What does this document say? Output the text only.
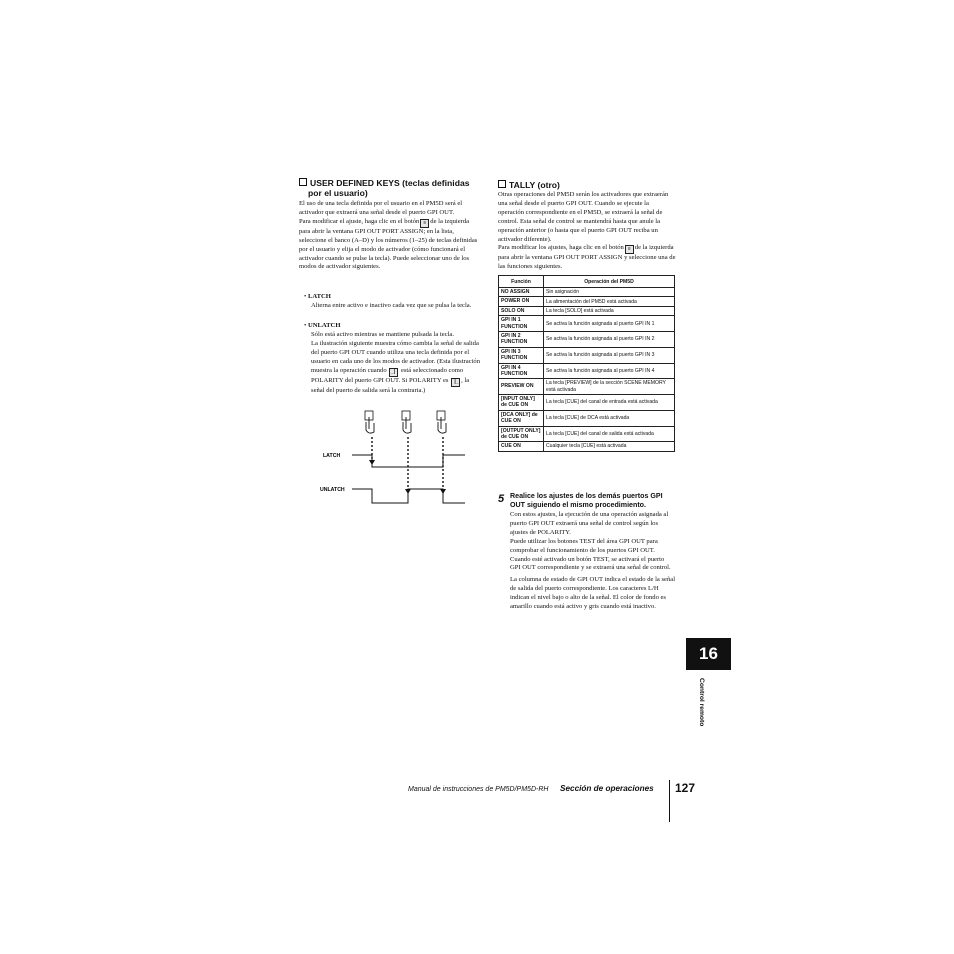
USER DEFINED KEYS (teclas definidas
por el usuario)
El uso de una tecla definida por el usuario en el PM5D será el activador que extraerá una señal desde el puerto GPI OUT.
Para modificar el ajuste, haga clic en el botón ≡ de la izquierda para abrir la ventana GPI OUT PORT ASSIGN; en la lista, seleccione el banco (A–D) y los números (1–25) de teclas definidas por el usuario y elija el modo de activador (cómo funcionará el activador cuando se pulse la tecla). Puede seleccionar uno de los modos de activador siguientes.
• LATCH
Alterna entre activo e inactivo cada vez que se pulsa la tecla.
• UNLATCH
Sólo está activo mientras se mantiene pulsada la tecla.
La ilustración siguiente muestra cómo cambia la señal de salida del puerto GPI OUT cuando utiliza una tecla definida por el usuario en cada uno de los modos de activador. (Esta ilustración muestra la operación cuando _|‾ está seleccionado como POLARITY del puerto GPI OUT. Si POLARITY es ‾|_ , la señal del puerto de salida será la contraria.)
LATCH
UNLATCH
TALLY (otro)
Otras operaciones del PM5D serán los activadores que extraerán una señal desde el puerto GPI OUT. Cuando se ejecute la operación correspondiente en el PM5D, se extraerá la señal de control. Esta señal de control se mantendrá hasta que anule la operación anterior (o hasta que el puerto GPI OUT reciba un activador diferente).
Para modificar los ajustes, haga clic en el botón ≡ de la izquierda para abrir la ventana GPI OUT PORT ASSIGN y seleccione una de las funciones siguientes.
Función	Operación del PM5D
NO ASSIGN	Sin asignación
POWER ON	La alimentación del PM5D está activada
SOLO ON	La tecla [SOLO] está activada
GPI IN 1 FUNCTION	Se activa la función asignada al puerto GPI IN 1
GPI IN 2 FUNCTION	Se activa la función asignada al puerto GPI IN 2
GPI IN 3 FUNCTION	Se activa la función asignada al puerto GPI IN 3
GPI IN 4 FUNCTION	Se activa la función asignada al puerto GPI IN 4
PREVIEW ON	La tecla [PREVIEW] de la sección SCENE MEMORY está activada
[INPUT ONLY] de CUE ON	La tecla [CUE] del canal de entrada está activada
[DCA ONLY] de CUE ON	La tecla [CUE] de DCA está activada
[OUTPUT ONLY] de CUE ON	La tecla [CUE] del canal de salida está activada
CUE ON	Cualquier tecla [CUE] está activada
5 Realice los ajustes de los demás puertos GPI OUT siguiendo el mismo procedimiento.
Con estos ajustes, la ejecución de una operación asignada al puerto GPI OUT extraerá una señal de control según los ajustes de POLARITY.
Puede utilizar los botones TEST del área GPI OUT para comprobar el funcionamiento de los puertos GPI OUT. Cuando esté activado un botón TEST, se activará el puerto GPI OUT correspondiente y se extraerá una señal de control.
La columna de estado de GPI OUT indica el estado de la señal de salida del puerto correspondiente. Los caracteres L/H indican el nivel bajo o alto de la señal. El color de fondo es amarillo cuando está activo y gris cuando está inactivo.
16
Control remoto
Manual de instrucciones de PM5D/PM5D-RH Sección de operaciones 127
